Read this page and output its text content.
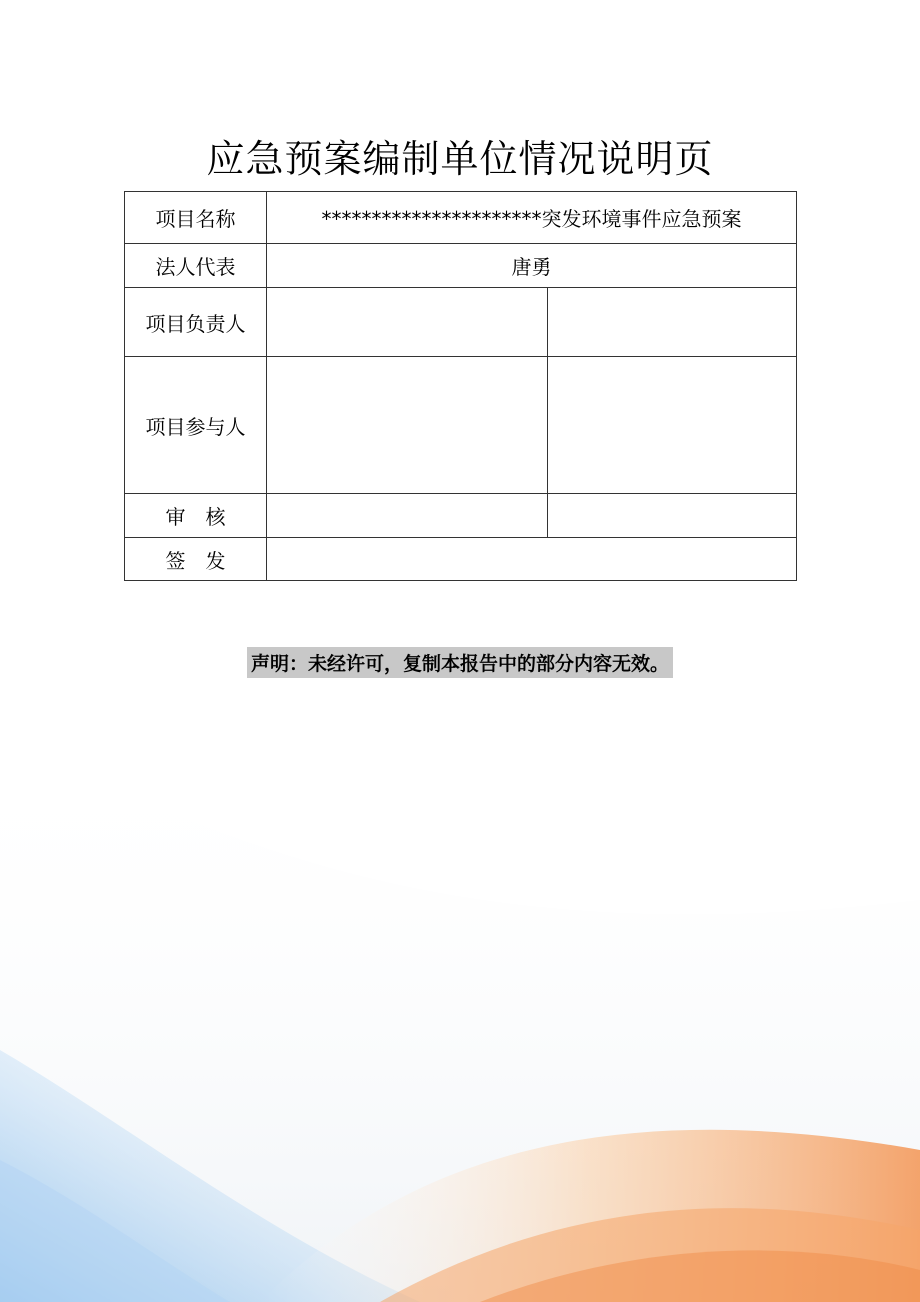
应急预案编制单位情况说明页
项目名称	**********************突发环境事件应急预案	
法人代表	唐勇	
项目负责人		
项目参与人		
审　核		
签　发		
声明：未经许可，复制本报告中的部分内容无效。
